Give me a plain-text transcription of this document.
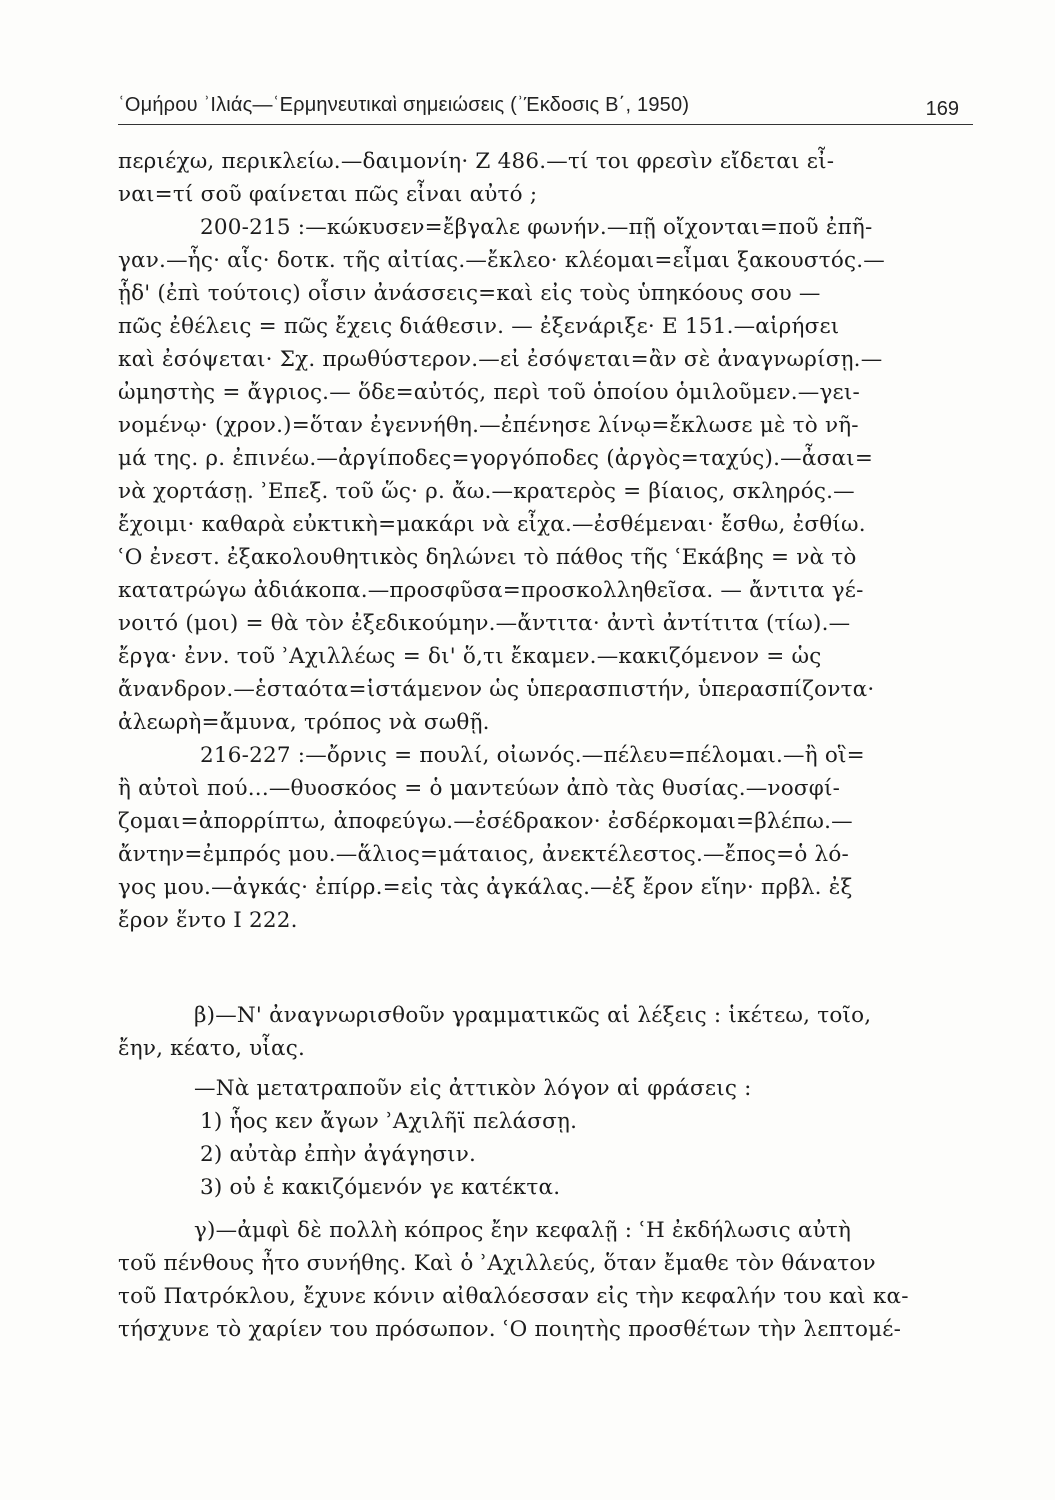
ʿΟμήρου ʾΙλιάς—ʿΕρμηνευτικαὶ σημειώσεις (ʾΈκδοσις Β΄, 1950)	169
περιέχω, περικλείω.—δαιμονίη· Ζ 486.—τί τοι φρεσὶν εἴδεται εἶ-
ναι=τί σοῦ φαίνεται πῶς εἶναι αὐτό ;
200-215 :—κώκυσεν=ἔβγαλε φωνήν.—πῇ οἴχονται=ποῦ ἐπῆ-
γαν.—ἧς· αἷς· δοτκ. τῆς αἰτίας.—ἔκλεο· κλέομαι=εἶμαι ξακουστός.—
ᾗδ' (ἐπὶ τούτοις) οἷσιν ἀνάσσεις=καὶ εἰς τοὺς ὑπηκόους σου —
πῶς ἐθέλεις = πῶς ἔχεις διάθεσιν. — ἐξενάριξε· Ε 151.—αἱρήσει
καὶ ἐσόψεται· Σχ. πρωθύστερον.—εἰ ἐσόψεται=ἂν σὲ ἀναγνωρίσῃ.—
ὠμηστὴς = ἄγριος.— ὅδε=αὐτός, περὶ τοῦ ὁποίου ὁμιλοῦμεν.—γει-
νομένῳ· (χρον.)=ὅταν ἐγεννήθη.—ἐπένησε λίνῳ=ἔκλωσε μὲ τὸ νῆ-
μά της. ρ. ἐπινέω.—ἀργίποδες=γοργόποδες (ἀργὸς=ταχύς).—ἆσαι=
νὰ χορτάσῃ. ʾΕπεξ. τοῦ ὥς· ρ. ἄω.—κρατερὸς = βίαιος, σκληρός.—
ἔχοιμι· καθαρὰ εὐκτικὴ=μακάρι νὰ εἶχα.—ἐσθέμεναι· ἔσθω, ἐσθίω.
ʿΟ ἐνεστ. ἐξακολουθητικὸς δηλώνει τὸ πάθος τῆς ʿΕκάβης = νὰ τὸ
κατατρώγω ἀδιάκοπα.—προσφῦσα=προσκολληθεῖσα. — ἄντιτα γέ-
νοιτό (μοι) = θὰ τὸν ἐξεδικούμην.—ἄντιτα· ἀντὶ ἀντίτιτα (τίω).—
ἔργα· ἐνν. τοῦ ʾΑχιλλέως = δι' ὅ,τι ἔκαμεν.—κακιζόμενον = ὡς
ἄνανδρον.—ἑσταότα=ἱστάμενον ὡς ὑπερασπιστήν, ὑπερασπίζοντα·
ἀλεωρὴ=ἄμυνα, τρόπος νὰ σωθῇ.
216-227 :—ὄρνις = πουλί, οἰωνός.—πέλευ=πέλομαι.—ἢ οἳ=
ἢ αὐτοὶ πού...—θυοσκόος = ὁ μαντεύων ἀπὸ τὰς θυσίας.—νοσφί-
ζομαι=ἀπορρίπτω, ἀποφεύγω.—ἐσέδρακον· ἐσδέρκομαι=βλέπω.—
ἄντην=ἐμπρός μου.—ἅλιος=μάταιος, ἀνεκτέλεστος.—ἔπος=ὁ λό-
γος μου.—ἀγκάς· ἐπίρρ.=εἰς τὰς ἀγκάλας.—ἐξ ἔρον εἵην· πρβλ. ἐξ
ἔρον ἕντο Ι 222.
β)—Ν' ἀναγνωρισθοῦν γραμματικῶς αἱ λέξεις : ἱκέτεω, τοῖο,
ἔην, κέατο, υἷας.
—Νὰ μετατραποῦν εἰς ἀττικὸν λόγον αἱ φράσεις :
1) ἧος κεν ἄγων ʾΑχιλῆϊ πελάσσῃ.
2) αὐτὰρ ἐπὴν ἀγάγησιν.
3) οὐ ἑ κακιζόμενόν γε κατέκτα.
γ)—ἀμφὶ δὲ πολλὴ κόπρος ἔην κεφαλῇ : ʿΗ ἐκδήλωσις αὐτὴ
τοῦ πένθους ἦτο συνήθης. Καὶ ὁ ʾΑχιλλεύς, ὅταν ἔμαθε τὸν θάνατον
τοῦ Πατρόκλου, ἔχυνε κόνιν αἰθαλόεσσαν εἰς τὴν κεφαλήν του καὶ κα-
τήσχυνε τὸ χαρίεν του πρόσωπον. ʿΟ ποιητὴς προσθέτων τὴν λεπτομέ-
